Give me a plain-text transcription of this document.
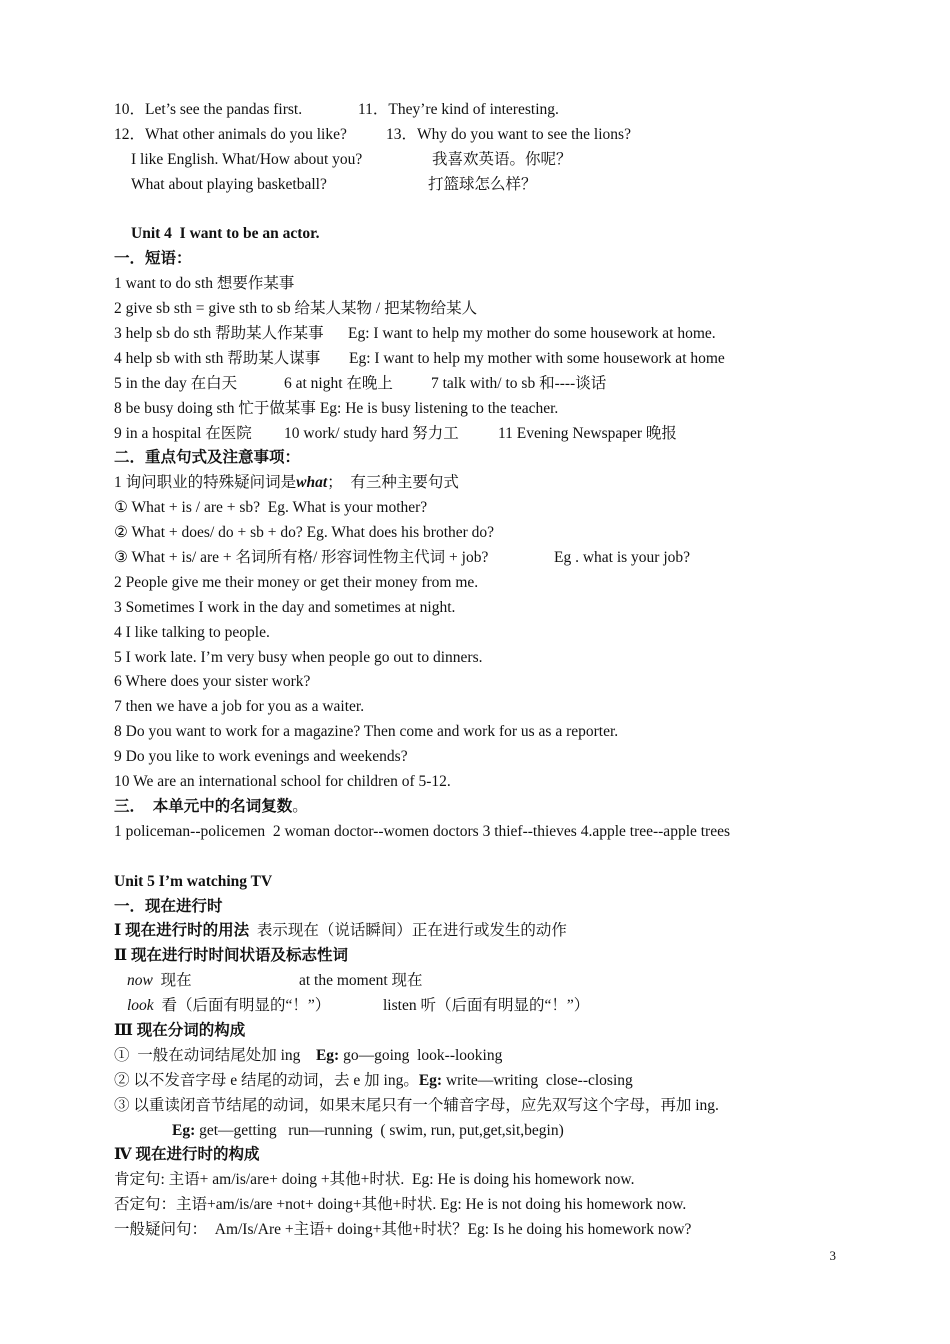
10．Let’s see the pandas first.	11．They’re kind of interesting.
12．What other animals do you like?	13．Why do you want to see the lions?
I like English. What/How about you?	我喜欢英语。你呢？
What about playing basketball?	打篮球怎么样？
Unit 4  I want to be an actor.
一．短语：
1 want to do sth 想要作某事
2 give sb sth = give sth to sb 给某人某物 / 把某物给某人
3 help sb do sth 帮助某人作某事 Eg: I want to help my mother do some housework at home.
4 help sb with sth 帮助某人谋事 Eg: I want to help my mother with some housework at home
5 in the day 在白天	6 at night 在晚上 7 talk with/ to sb 和----谈话
8 be busy doing sth 忙于做某事 Eg: He is busy listening to the teacher.
9 in a hospital 在医院 10 work/ study hard 努力工	11 Evening Newspaper 晚报
二．重点句式及注意事项：
1 询问职业的特殊疑问词是what；  有三种主要句式
① What + is / are + sb?  Eg. What is your mother?
② What + does/ do + sb + do? Eg. What does his brother do?
③ What + is/ are + 名词所有格/ 形容词性物主代词 + job?	Eg . what is your job?
2 People give me their money or get their money from me.
3 Sometimes I work in the day and sometimes at night.
4 I like talking to people.
5 I work late. I’m very busy when people go out to dinners.
6 Where does your sister work?
7 then we have a job for you as a waiter.
8 Do you want to work for a magazine? Then come and work for us as a reporter.
9 Do you like to work evenings and weekends?
10 We are an international school for children of 5-12.
三．  本单元中的名词复数。
1 policeman--policemen  2 woman doctor--women doctors 3 thief--thieves 4.apple tree--apple trees
Unit 5 I’m watching TV
一．现在进行时
Ⅰ 现在进行时的用法  表示现在（说话瞬间）正在进行或发生的动作
Ⅱ 现在进行时时间状语及标志性词
now  现在	at the moment 现在
look  看（后面有明显的“！”）	listen 听（后面有明显的“！”）
Ⅲ 现在分词的构成
①  一般在动词结尾处加 ing    Eg: go—going  look--looking
② 以不发音字母 e 结尾的动词，去 e 加 ing。Eg: write—writing  close--closing
③ 以重读闭音节结尾的动词，如果末尾只有一个辅音字母，应先双写这个字母，再加 ing.
Eg: get—getting   run—running  ( swim, run, put,get,sit,begin)
Ⅳ 现在进行时的构成
肯定句: 主语+ am/is/are+ doing +其他+时状.  Eg: He is doing his homework now.
否定句：主语+am/is/are +not+ doing+其他+时状. Eg: He is not doing his homework now.
一般疑问句：  Am/Is/Are +主语+ doing+其他+时状？Eg: Is he doing his homework now?
3
